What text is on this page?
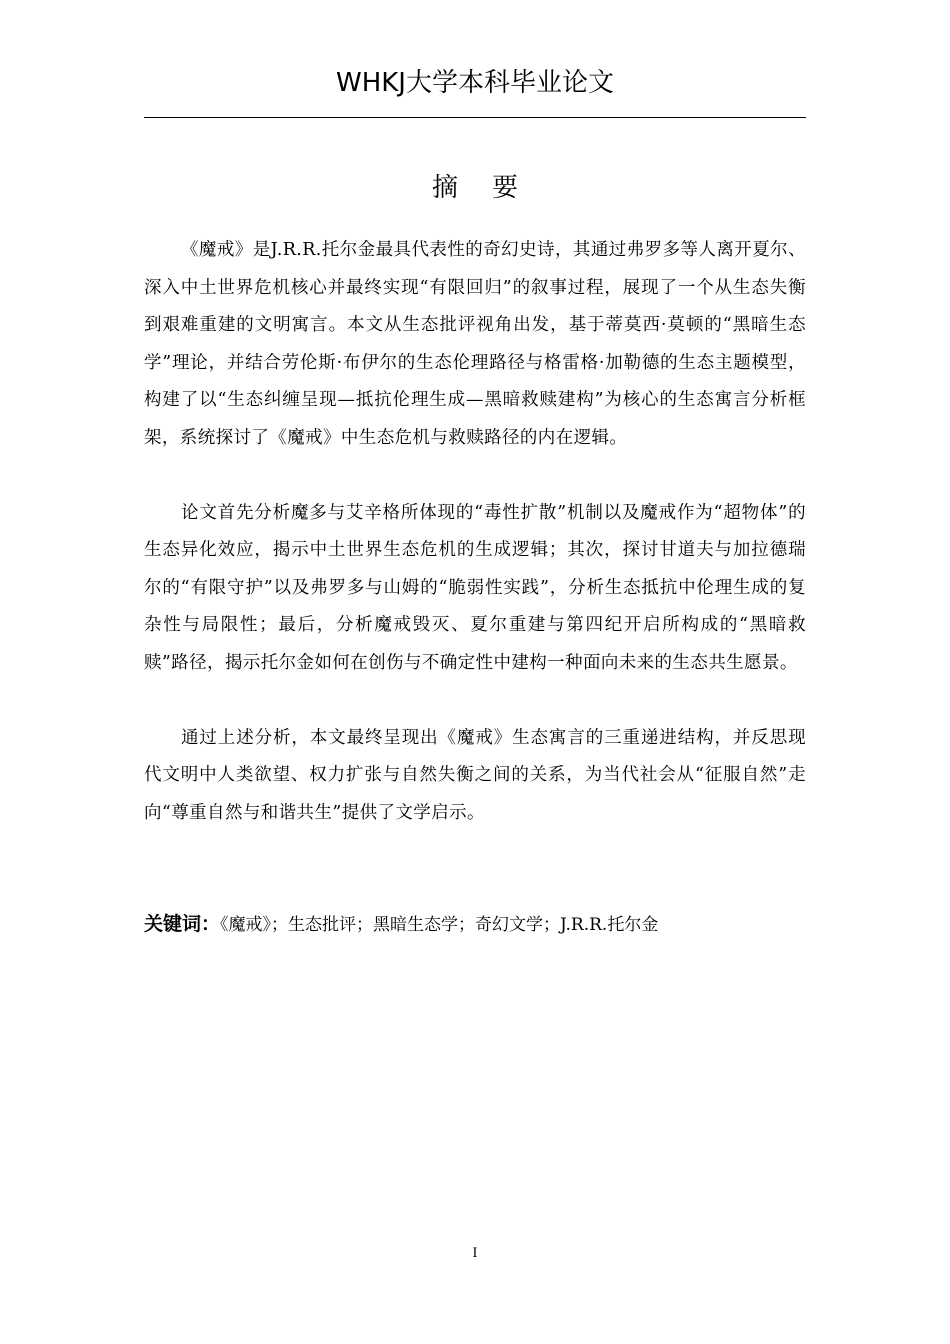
WHKJ大学本科毕业论文
摘 要

《魔戒》是J.R.R.托尔金最具代表性的奇幻史诗，其通过弗罗多等人离开夏尔、深入中土世界危机核心并最终实现“有限回归”的叙事过程，展现了一个从生态失衡到艰难重建的文明寓言。本文从生态批评视角出发，基于蒂莫西·莫顿的“黑暗生态学”理论，并结合劳伦斯·布伊尔的生态伦理路径与格雷格·加勒德的生态主题模型，构建了以“生态纠缠呈现—抵抗伦理生成—黑暗救赎建构”为核心的生态寓言分析框架，系统探讨了《魔戒》中生态危机与救赎路径的内在逻辑。

论文首先分析魔多与艾辛格所体现的“毒性扩散”机制以及魔戒作为“超物体”的生态异化效应，揭示中土世界生态危机的生成逻辑；其次，探讨甘道夫与加拉德瑞尔的“有限守护”以及弗罗多与山姆的“脆弱性实践”，分析生态抵抗中伦理生成的复杂性与局限性；最后，分析魔戒毁灭、夏尔重建与第四纪开启所构成的“黑暗救赎”路径，揭示托尔金如何在创伤与不确定性中建构一种面向未来的生态共生愿景。

通过上述分析，本文最终呈现出《魔戒》生态寓言的三重递进结构，并反思现代文明中人类欲望、权力扩张与自然失衡之间的关系，为当代社会从“征服自然”走向“尊重自然与和谐共生”提供了文学启示。

关键词：《魔戒》；生态批评；黑暗生态学；奇幻文学；J.R.R.托尔金
I
